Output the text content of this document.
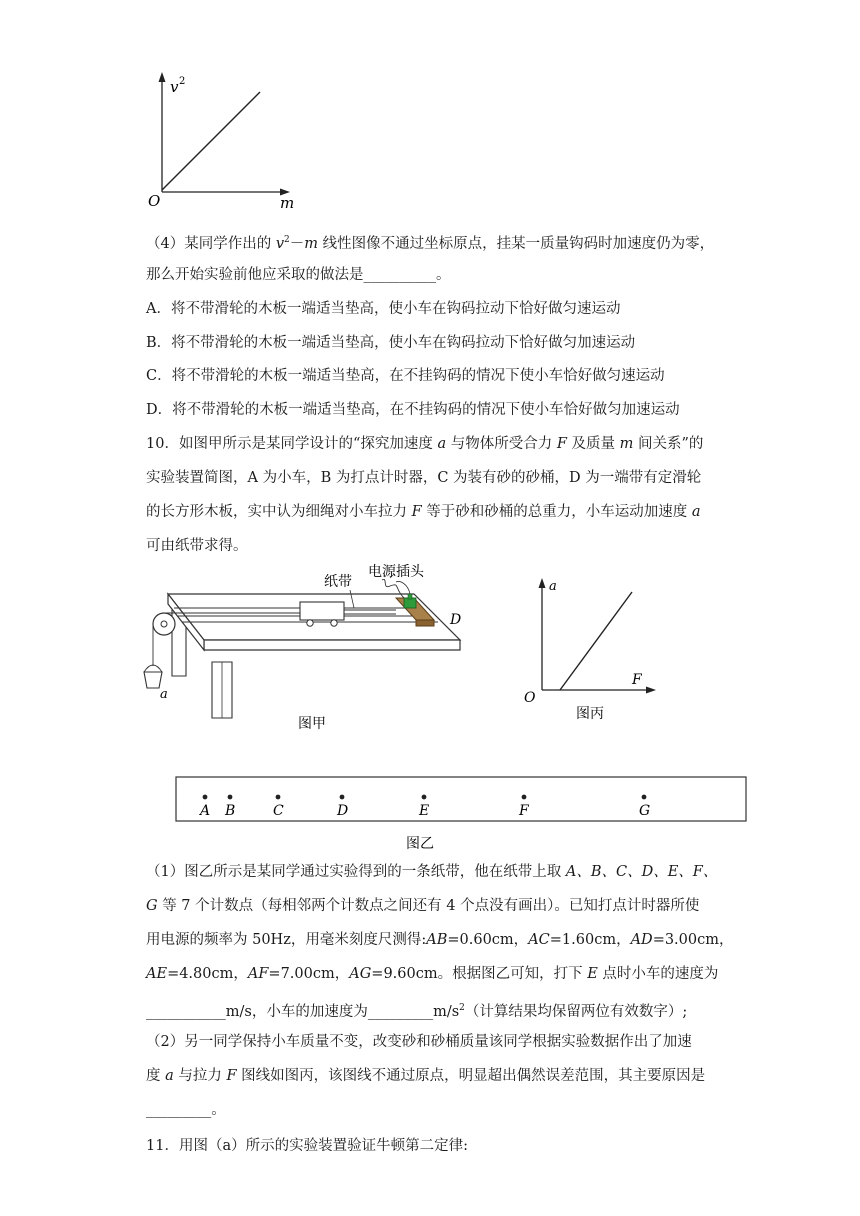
v 2
O	m
（4）某同学作出的 $v^2-m$ 线性图像不通过坐标原点，挂某一质量钩码时加速度仍为零，
那么开始实验前他应采取的做法是__________。
A．将不带滑轮的木板一端适当垫高，使小车在钩码拉动下恰好做匀速运动
B．将不带滑轮的木板一端适当垫高，使小车在钩码拉动下恰好做匀加速运动
C．将不带滑轮的木板一端适当垫高，在不挂钩码的情况下使小车恰好做匀速运动
D．将不带滑轮的木板一端适当垫高，在不挂钩码的情况下使小车恰好做匀加速运动
10．如图甲所示是某同学设计的“探究加速度 a 与物体所受合力 F 及质量 m 间关系”的
实验装置简图，A 为小车，B 为打点计时器，C 为装有砂的砂桶，D 为一端带有定滑轮
的长方形木板，实中认为细绳对小车拉力 F 等于砂和砂桶的总重力，小车运动加速度 a
可由纸带求得。
纸带
电源插头
D
a
图甲
a
F
O
图丙
A B	C	D	E	F	G
图乙
（1）图乙所示是某同学通过实验得到的一条纸带，他在纸带上取 A、B、C、D、E、F、
G 等 7 个计数点（每相邻两个计数点之间还有 4 个点没有画出）。已知打点计时器所使
用电源的频率为 50Hz，用毫米刻度尺测得:AB=0.60cm，AC=1.60cm，AD=3.00cm，
AE=4.80cm，AF=7.00cm，AG=9.60cm。根据图乙可知，打下 E 点时小车的速度为
___________m/s，小车的加速度为$\_\_\_\_\_\_\_\_\_m/s^2$（计算结果均保留两位有效数字）;
（2）另一同学保持小车质量不变，改变砂和砂桶质量该同学根据实验数据作出了加速
度 a 与拉力 F 图线如图丙，该图线不通过原点，明显超出偶然误差范围，其主要原因是
_________。
11．用图（a）所示的实验装置验证牛顿第二定律:
